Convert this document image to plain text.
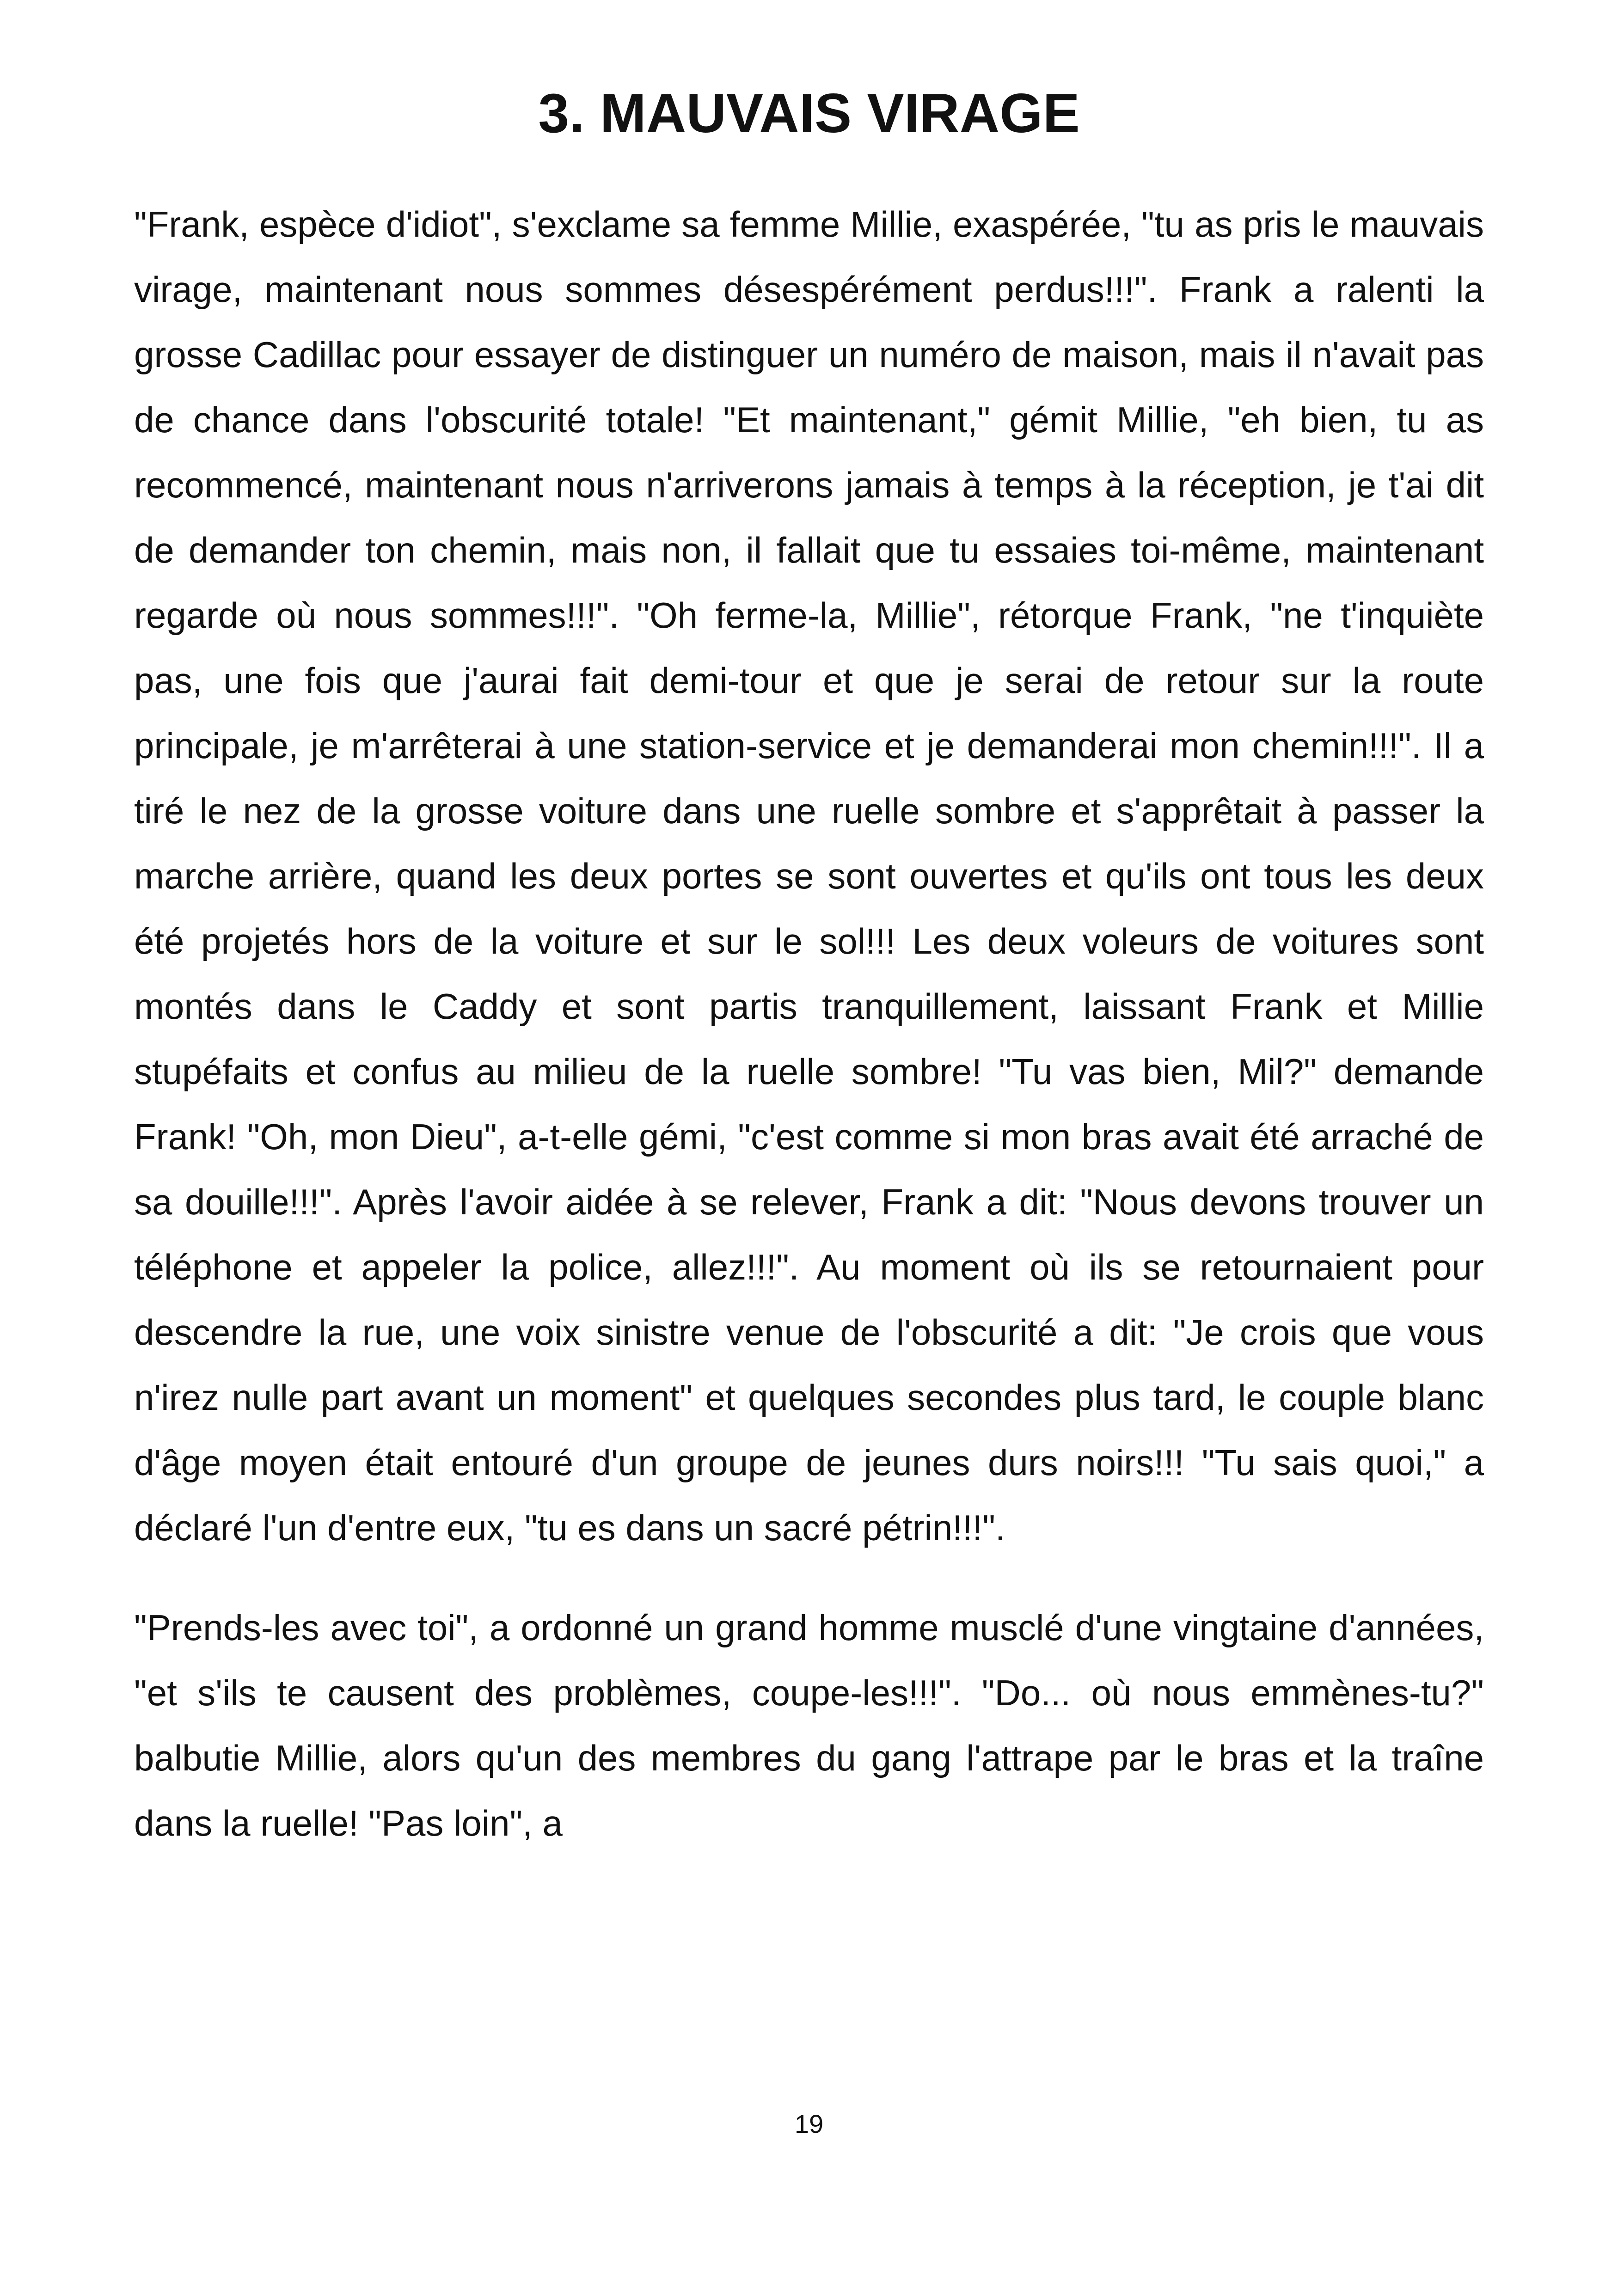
3. MAUVAIS VIRAGE

"Frank, espèce d'idiot", s'exclame sa femme Millie, exaspérée, "tu as pris le mauvais virage, maintenant nous sommes désespérément perdus!!!". Frank a ralenti la grosse Cadillac pour essayer de distinguer un numéro de maison, mais il n'avait pas de chance dans l'obscurité totale! "Et maintenant," gémit Millie, "eh bien, tu as recommencé, maintenant nous n'arriverons jamais à temps à la réception, je t'ai dit de demander ton chemin, mais non, il fallait que tu essaies toi-même, maintenant regarde où nous sommes!!!". "Oh ferme-la, Millie", rétorque Frank, "ne t'inquiète pas, une fois que j'aurai fait demi-tour et que je serai de retour sur la route principale, je m'arrêterai à une station-service et je demanderai mon chemin!!!". Il a tiré le nez de la grosse voiture dans une ruelle sombre et s'apprêtait à passer la marche arrière, quand les deux portes se sont ouvertes et qu'ils ont tous les deux été projetés hors de la voiture et sur le sol!!! Les deux voleurs de voitures sont montés dans le Caddy et sont partis tranquillement, laissant Frank et Millie stupéfaits et confus au milieu de la ruelle sombre! "Tu vas bien, Mil?" demande Frank! "Oh, mon Dieu", a-t-elle gémi, "c'est comme si mon bras avait été arraché de sa douille!!!". Après l'avoir aidée à se relever, Frank a dit: "Nous devons trouver un téléphone et appeler la police, allez!!!". Au moment où ils se retournaient pour descendre la rue, une voix sinistre venue de l'obscurité a dit: "Je crois que vous n'irez nulle part avant un moment" et quelques secondes plus tard, le couple blanc d'âge moyen était entouré d'un groupe de jeunes durs noirs!!! "Tu sais quoi," a déclaré l'un d'entre eux, "tu es dans un sacré pétrin!!!".

"Prends-les avec toi", a ordonné un grand homme musclé d'une vingtaine d'années, "et s'ils te causent des problèmes, coupe-les!!!". "Do... où nous emmènes-tu?" balbutie Millie, alors qu'un des membres du gang l'attrape par le bras et la traîne dans la ruelle! "Pas loin", a

19
